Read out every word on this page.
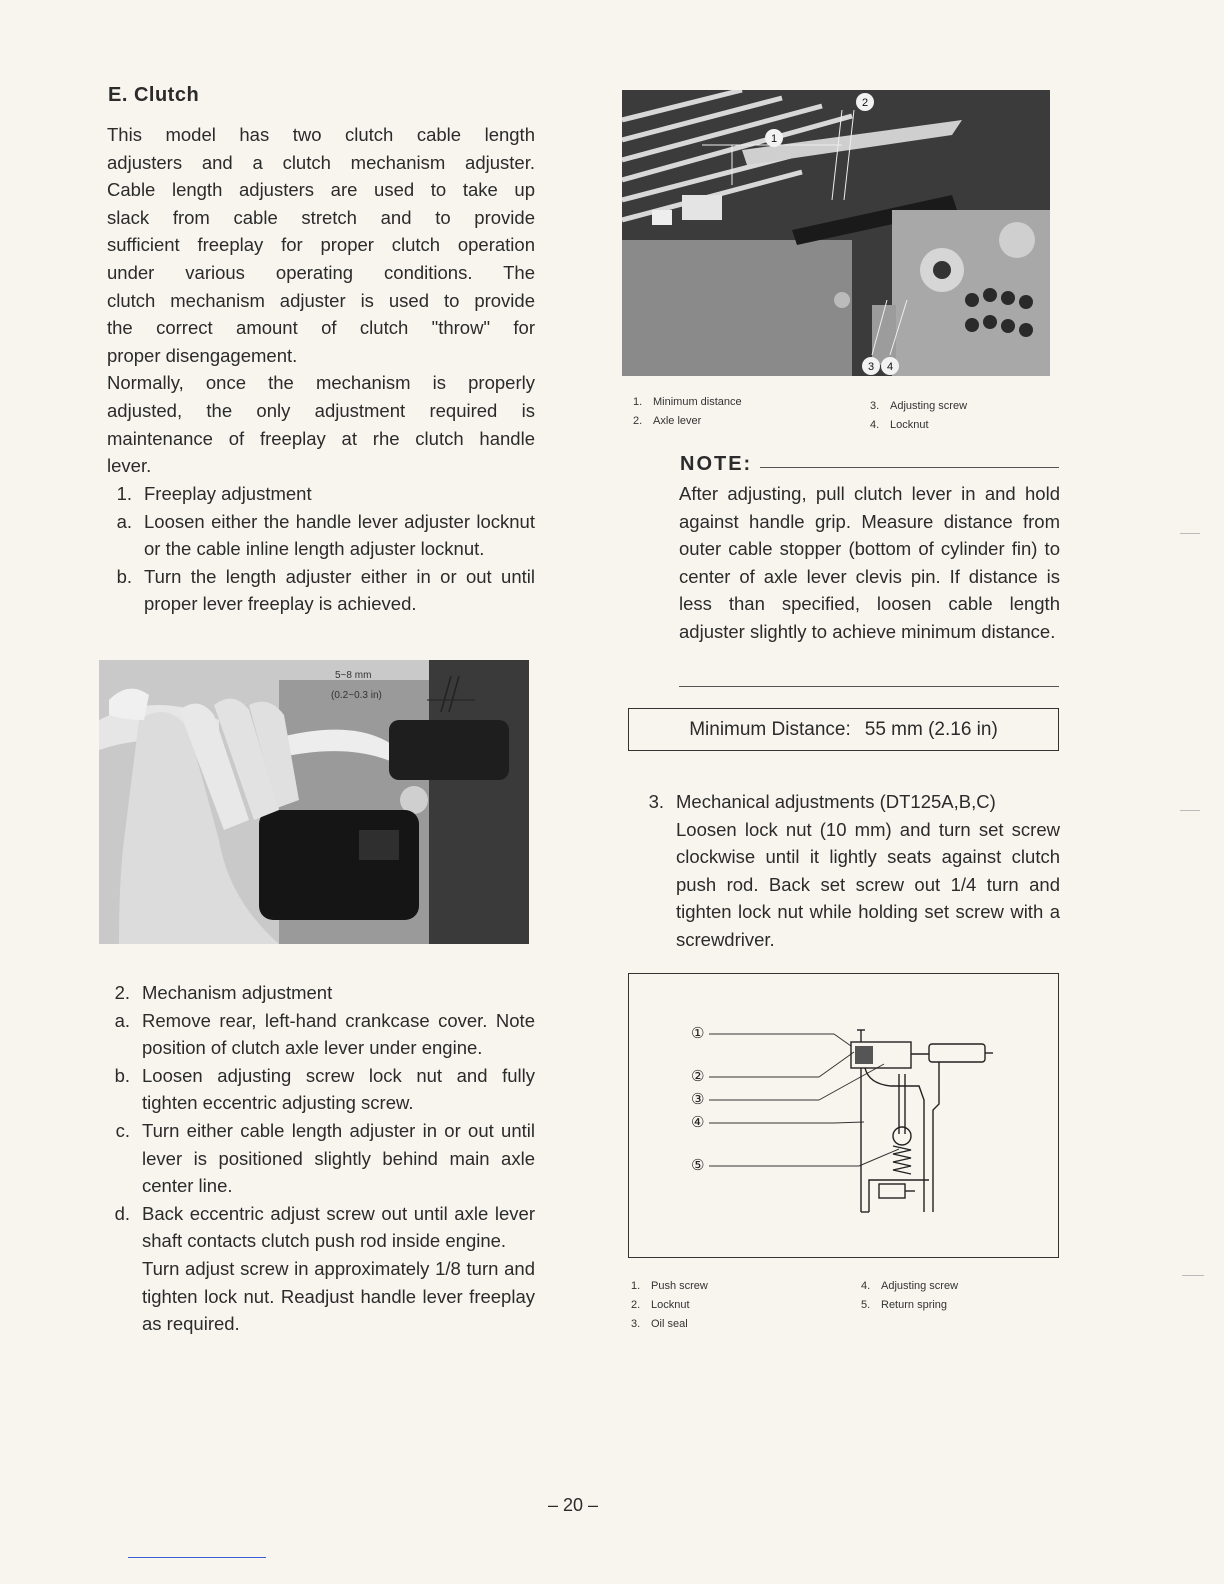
E. Clutch
This model has two clutch cable length
adjusters and a clutch mechanism adjuster.
Cable length adjusters are used to take up
slack from cable stretch and to provide
sufficient freeplay for proper clutch operation
under various operating conditions. The
clutch mechanism adjuster is used to provide
the correct amount of clutch "throw" for
proper disengagement.
Normally, once the mechanism is properly
adjusted, the only adjustment required is
maintenance of freeplay at rhe clutch handle
lever.
1. Freeplay adjustment
a. Loosen either the handle lever adjuster locknut or the cable inline length adjuster locknut.
b. Turn the length adjuster either in or out until proper lever freeplay is achieved.
5~8 mm
(0.2~0.3 in)
2. Mechanism adjustment
a. Remove rear, left-hand crankcase cover. Note position of clutch axle lever under engine.
b. Loosen adjusting screw lock nut and fully tighten eccentric adjusting screw.
c. Turn either cable length adjuster in or out until lever is positioned slightly behind main axle center line.
d. Back eccentric adjust screw out until axle lever shaft contacts clutch push rod inside engine.
Turn adjust screw in approximately 1/8 turn and tighten lock nut. Readjust handle lever freeplay as required.
1
2
3 4
1. Minimum distance
2. Axle lever
3. Adjusting screw
4. Locknut
NOTE:
After adjusting, pull clutch lever in and hold against handle grip. Measure distance from outer cable stopper (bottom of cylinder fin) to center of axle lever clevis pin. If distance is less than specified, loosen cable length adjuster slightly to achieve minimum distance.
Minimum Distance: 55 mm (2.16 in)
3. Mechanical adjustments (DT125A,B,C)
Loosen lock nut (10 mm) and turn set screw clockwise until it lightly seats against clutch push rod. Back set screw out 1/4 turn and tighten lock nut while holding set screw with a screwdriver.
①
②
③
④
⑤
1. Push screw
2. Locknut
3. Oil seal
4. Adjusting screw
5. Return spring
– 20 –
